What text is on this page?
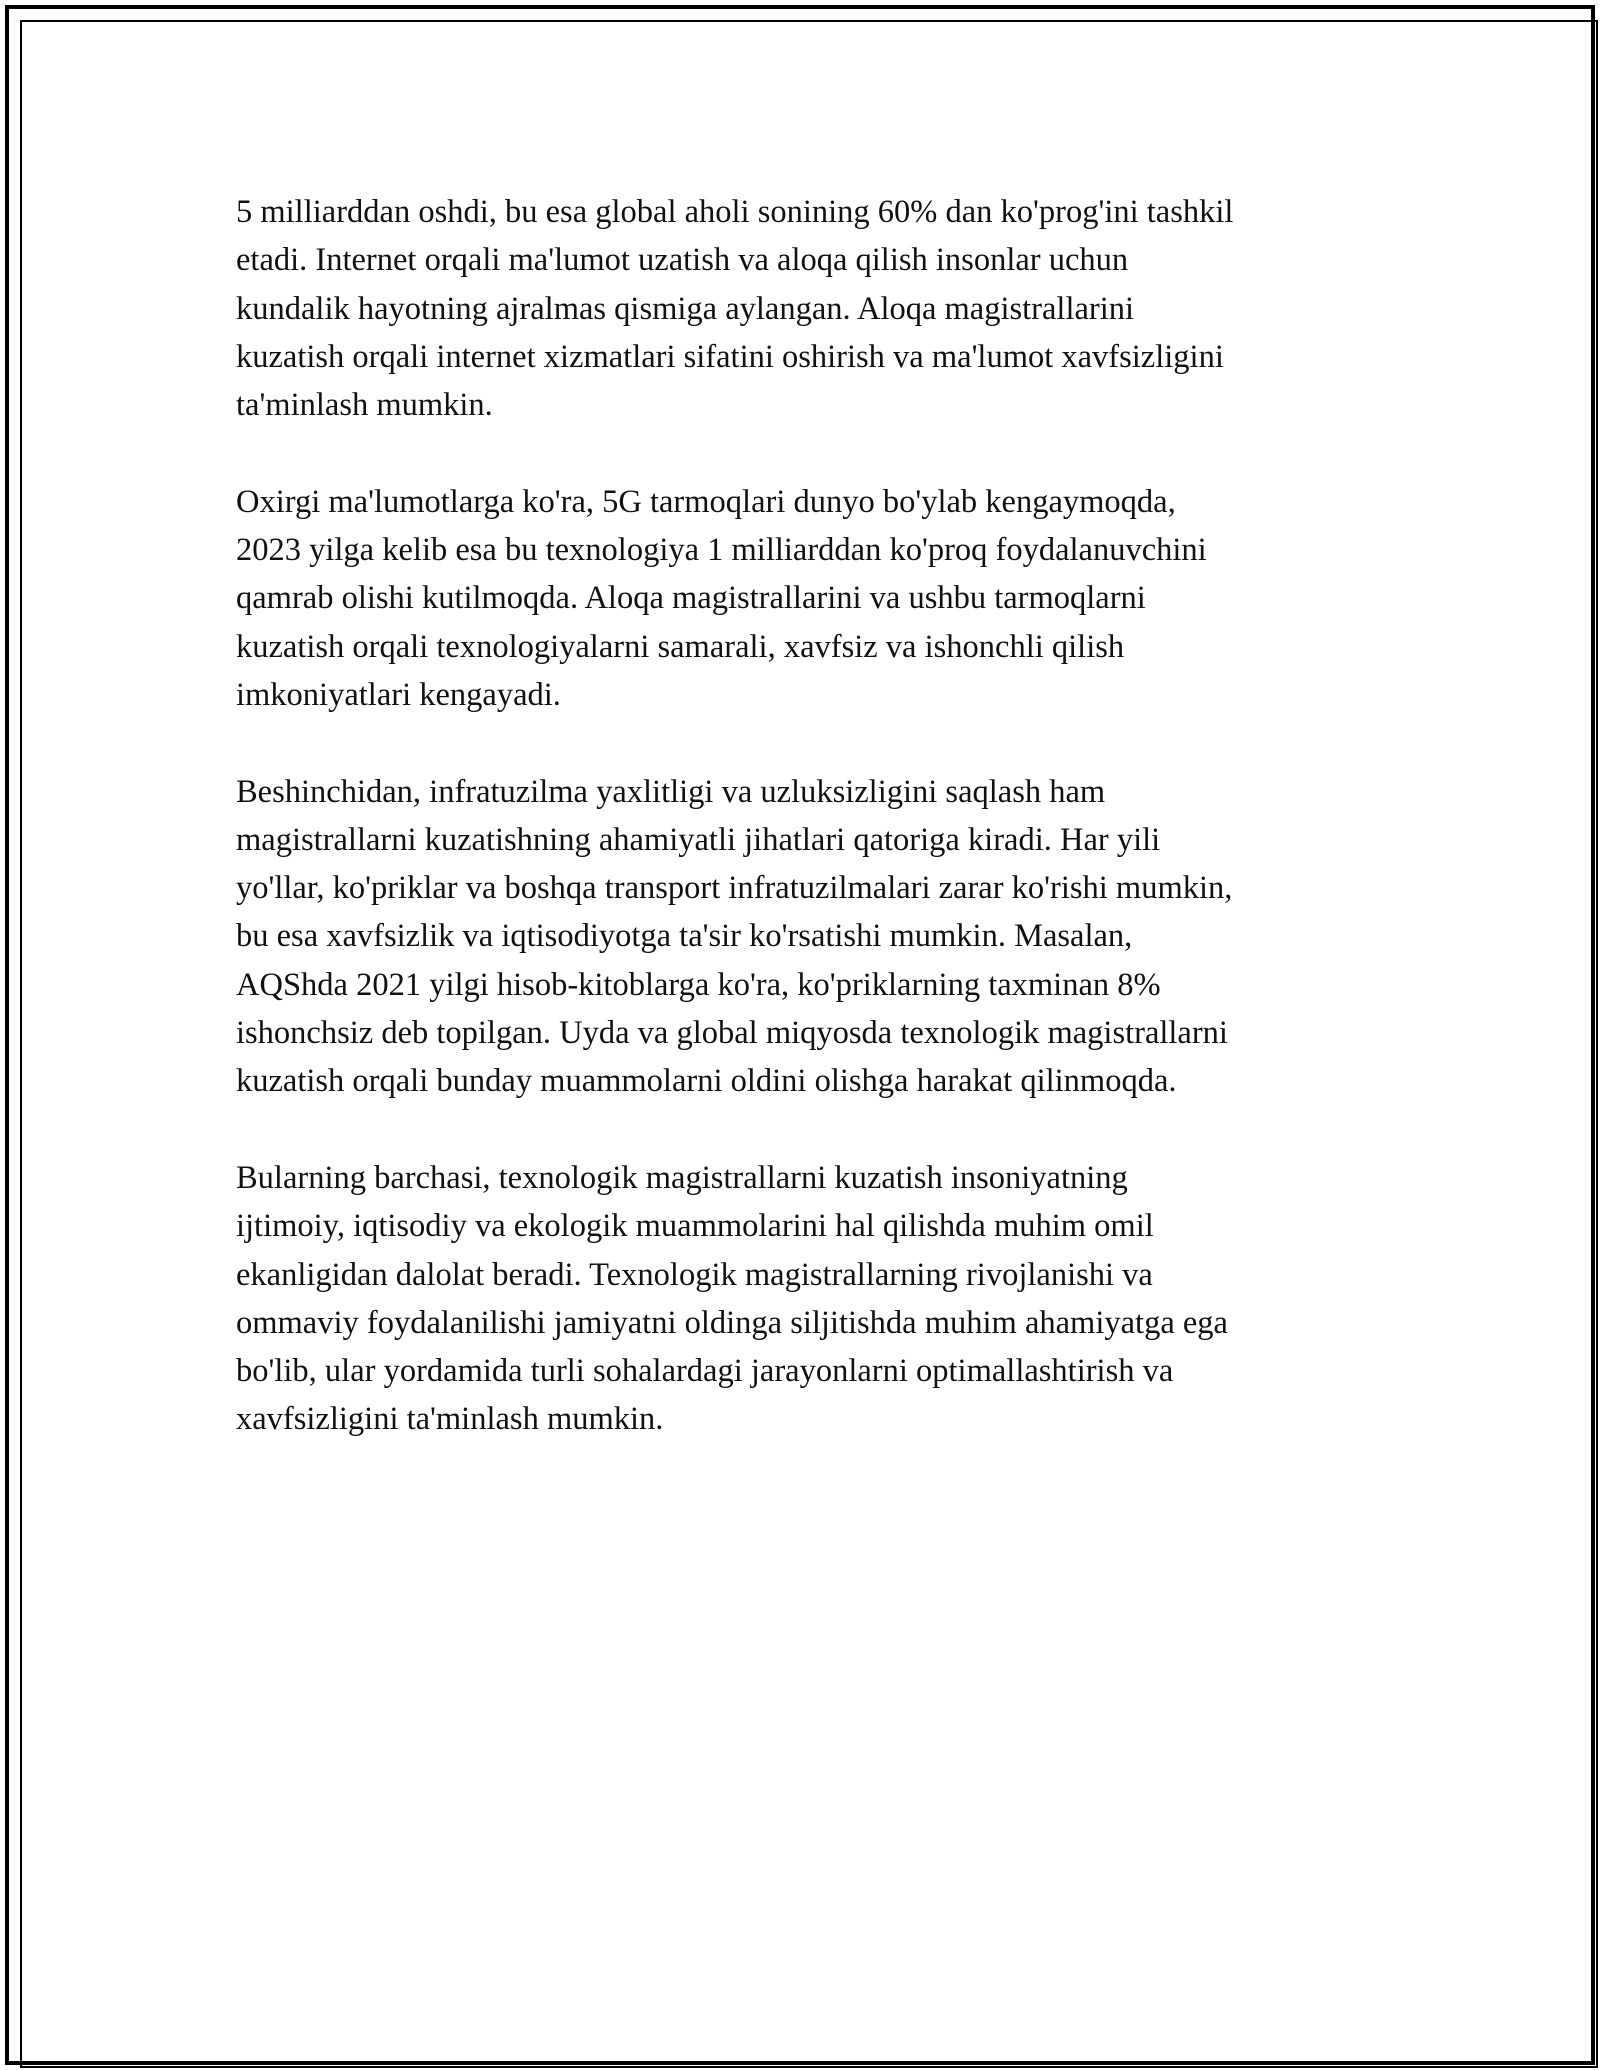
5 milliarddan oshdi, bu esa global aholi sonining 60% dan ko'prog'ini tashkil
etadi. Internet orqali ma'lumot uzatish va aloqa qilish insonlar uchun
kundalik hayotning ajralmas qismiga aylangan. Aloqa magistrallarini
kuzatish orqali internet xizmatlari sifatini oshirish va ma'lumot xavfsizligini
ta'minlash mumkin.

Oxirgi ma'lumotlarga ko'ra, 5G tarmoqlari dunyo bo'ylab kengaymoqda,
2023 yilga kelib esa bu texnologiya 1 milliarddan ko'proq foydalanuvchini
qamrab olishi kutilmoqda. Aloqa magistrallarini va ushbu tarmoqlarni
kuzatish orqali texnologiyalarni samarali, xavfsiz va ishonchli qilish
imkoniyatlari kengayadi.

Beshinchidan, infratuzilma yaxlitligi va uzluksizligini saqlash ham
magistrallarni kuzatishning ahamiyatli jihatlari qatoriga kiradi. Har yili
yo'llar, ko'priklar va boshqa transport infratuzilmalari zarar ko'rishi mumkin,
bu esa xavfsizlik va iqtisodiyotga ta'sir ko'rsatishi mumkin. Masalan,
AQShda 2021 yilgi hisob-kitoblarga ko'ra, ko'priklarning taxminan 8%
ishonchsiz deb topilgan. Uyda va global miqyosda texnologik magistrallarni
kuzatish orqali bunday muammolarni oldini olishga harakat qilinmoqda.

Bularning barchasi, texnologik magistrallarni kuzatish insoniyatning
ijtimoiy, iqtisodiy va ekologik muammolarini hal qilishda muhim omil
ekanligidan dalolat beradi. Texnologik magistrallarning rivojlanishi va
ommaviy foydalanilishi jamiyatni oldinga siljitishda muhim ahamiyatga ega
bo'lib, ular yordamida turli sohalardagi jarayonlarni optimallashtirish va
xavfsizligini ta'minlash mumkin.
